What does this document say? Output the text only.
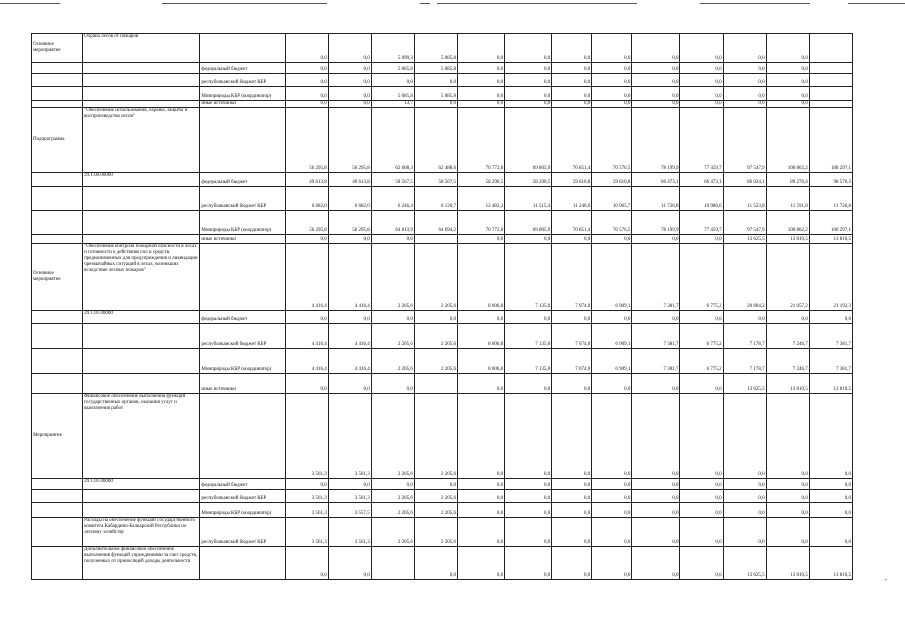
Основное мероприятие	Охрана лесов от пожаров		0,0	0,0	5 099,3	5 085,8	0,0	0,0	0,0	0,0	0,0	0,0	0,0	0,0	
		федеральный бюджет	0,0	0,0	5 085,8	5 085,8	0,0	0,0	0,0	0,0	0,0	0,0	0,0	0,0	
		республиканский бюджет КБР	0,0	0,0	0,0	0,0	0,0	0,0	0,0	0,0	0,0	0,0	0,0	0,0	
		Минприроды КБР (координатор)	0,0	0,0	5 085,8	5 085,8	0,0	0,0	0,0	0,0	0,0	0,0	0,0	0,0	
		иные источники	0,0	0,0	13,7	0,0	0,0	0,0	0,0	0,0	0,0	0,0	0,0	0,0	
Подпрограмма	"Обеспечение использования, охраны, защиты и воспроизводства лесов"		56 295,8	56 295,8	62 608,3	62 488,6	70 772,8	69 805,9	70 851,4	70 576,5	78 199,9	77 459,7	97 547,9	100 862,2	108 297,1
	29.1.00.00000	федеральный бюджет	49 613,8	49 613,8	58 567,5	58 567,5	58 290,5	58 290,5	59 610,8	59 610,8	66 473,1	66 473,1	86 024,1	89 270,4	98 570,3
		республиканский бюджет КБР	6 682,0	6 682,0	6 246,4	6 126,7	12 482,3	11 515,4	11 240,6	10 965,7	11 726,8	10 986,6	11 523,8	11 591,8	11 726,8
		Минприроды КБР (координатор)	56 295,8	56 295,8	64 813,9	64 694,2	70 772,8	69 805,9	70 851,4	70 576,5	78 199,9	77 459,7	97 547,9	100 862,2	100 297,1
		иные источники	0,0	0,0	0,0		0,0	0,0	0,0	0,0	0,0	0,0	13 625,5	13 810,5	13 810,5
Основное мероприятие	"Обеспечение контроля пожарной опасности в лесах и готовности к действиям сил и средств, предназначенных для предупреждения и ликвидации чрезвычайных ситуаций в лесах, возникших вследствие лесных пожаров"		4 416,4	4 416,4	2 205,6	2 205,6	8 006,8	7 135,0	7 074,0	6 909,1	7 381,7	6 775,2	20 804,2	21 057,2	21 192,3
	29.1.01.00000	федеральный бюджет	0,0	0,0	0,0	0,0	0,0	0,0	0,0	0,0	0,0	0,0	0,0	0,0	0,0
		республиканский бюджет КБР	4 416,4	4 416,4	2 205,6	2 205,6	8 006,8	7 135,0	7 074,0	6 909,1	7 381,7	6 775,2	7 178,7	7 246,7	7 381,7
		Минприроды КБР (координатор)	4 416,4	4 416,4	2 205,6	2 205,6	8 006,8	7 135,0	7 074,0	6 909,1	7 381,7	6 775,2	7 178,7	7 246,7	7 381,7
		иные источники	0,0	0,0	0,0		0,0	0,0	0,0	0,0	0,0	0,0	13 625,5	13 810,5	13 810,5
Мероприятие	Финансовое обеспечение выполнения функций государственных органов, оказания услуг и выполнения работ		3 561,3	3 561,3	2 205,6	2 205,6	0,0	0,0	0,0	0,0	0,0	0,0	0,0	0,0	0,0
	29.1.01.00000	федеральный бюджет	0,0	0,0	0,0	0,0	0,0	0,0	0,0	0,0	0,0	0,0	0,0	0,0	0,0
		республиканский бюджет КБР	3 561,3	3 561,3	2 205,6	2 205,6	0,0	0,0	0,0	0,0	0,0	0,0	0,0	0,0	0,0
		Минприроды КБР (координатор)	3 561,3	3 557,5	2 205,6	2 205,6	0,0	0,0	0,0	0,0	0,0	0,0	0,0	0,0	0,0
	Расходы на обеспечение функций Государственного комитета Кабардино-Балкарской Республики по лесному хозяйству	республиканский бюджет КБР	3 561,3	3 561,3	2 205,6	2 205,6	0,0	0,0	0,0	0,0	0,0	0,0	0,0	0,0	0,0
	Дополнительное финансовое обеспечение выполнения функций учреждениями за счет средств, полученных от приносящей доходы деятельности		0,0	0,0		0,0	0,0	0,0	0,0	0,0	0,0	0,0	13 625,5	13 810,5	13 810,5	-
